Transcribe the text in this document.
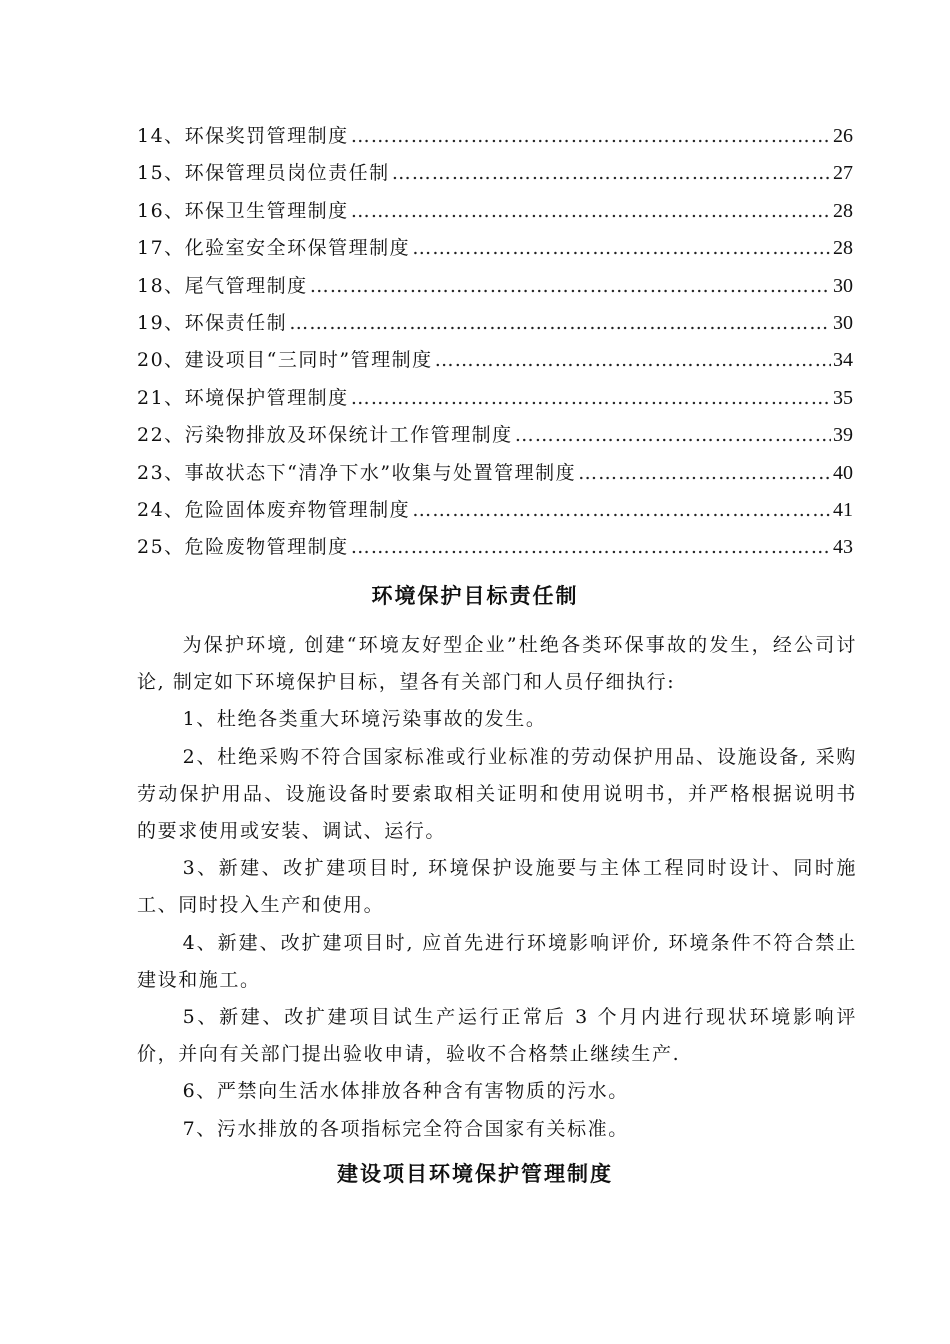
14、环保奖罚管理制度 …………………………………………………………………………………………………………………………………………………………	26
15、环保管理员岗位责任制 …………………………………………………………………………………………………………………………………………………………	27
16、环保卫生管理制度 …………………………………………………………………………………………………………………………………………………………	28
17、化验室安全环保管理制度 …………………………………………………………………………………………………………………………………………………………	28
18、尾气管理制度 …………………………………………………………………………………………………………………………………………………………	30
19、环保责任制 …………………………………………………………………………………………………………………………………………………………	30
20、建设项目“三同时”管理制度 …………………………………………………………………………………………………………………………………………………………	34
21、环境保护管理制度 …………………………………………………………………………………………………………………………………………………………	35
22、污染物排放及环保统计工作管理制度 …………………………………………………………………………………………………………………………………………………………	39
23、事故状态下“清净下水”收集与处置管理制度 …………………………………………………………………………………………………………………………………………………………	40
24、危险固体废弃物管理制度 …………………………………………………………………………………………………………………………………………………………	41
25、危险废物管理制度 …………………………………………………………………………………………………………………………………………………………	43
环境保护目标责任制

为保护环境, 创建“环境友好型企业”杜绝各类环保事故的发生，经公司讨论, 制定如下环境保护目标，望各有关部门和人员仔细执行:

1、杜绝各类重大环境污染事故的发生。

2、杜绝采购不符合国家标准或行业标准的劳动保护用品、设施设备, 采购劳动保护用品、设施设备时要索取相关证明和使用说明书，并严格根据说明书的要求使用或安装、调试、运行。

3、新建、改扩建项目时, 环境保护设施要与主体工程同时设计、同时施工、同时投入生产和使用。

4、新建、改扩建项目时, 应首先进行环境影响评价, 环境条件不符合禁止建设和施工。

5、新建、改扩建项目试生产运行正常后 3 个月内进行现状环境影响评价，并向有关部门提出验收申请，验收不合格禁止继续生产.

6、严禁向生活水体排放各种含有害物质的污水。

7、污水排放的各项指标完全符合国家有关标准。

建设项目环境保护管理制度
